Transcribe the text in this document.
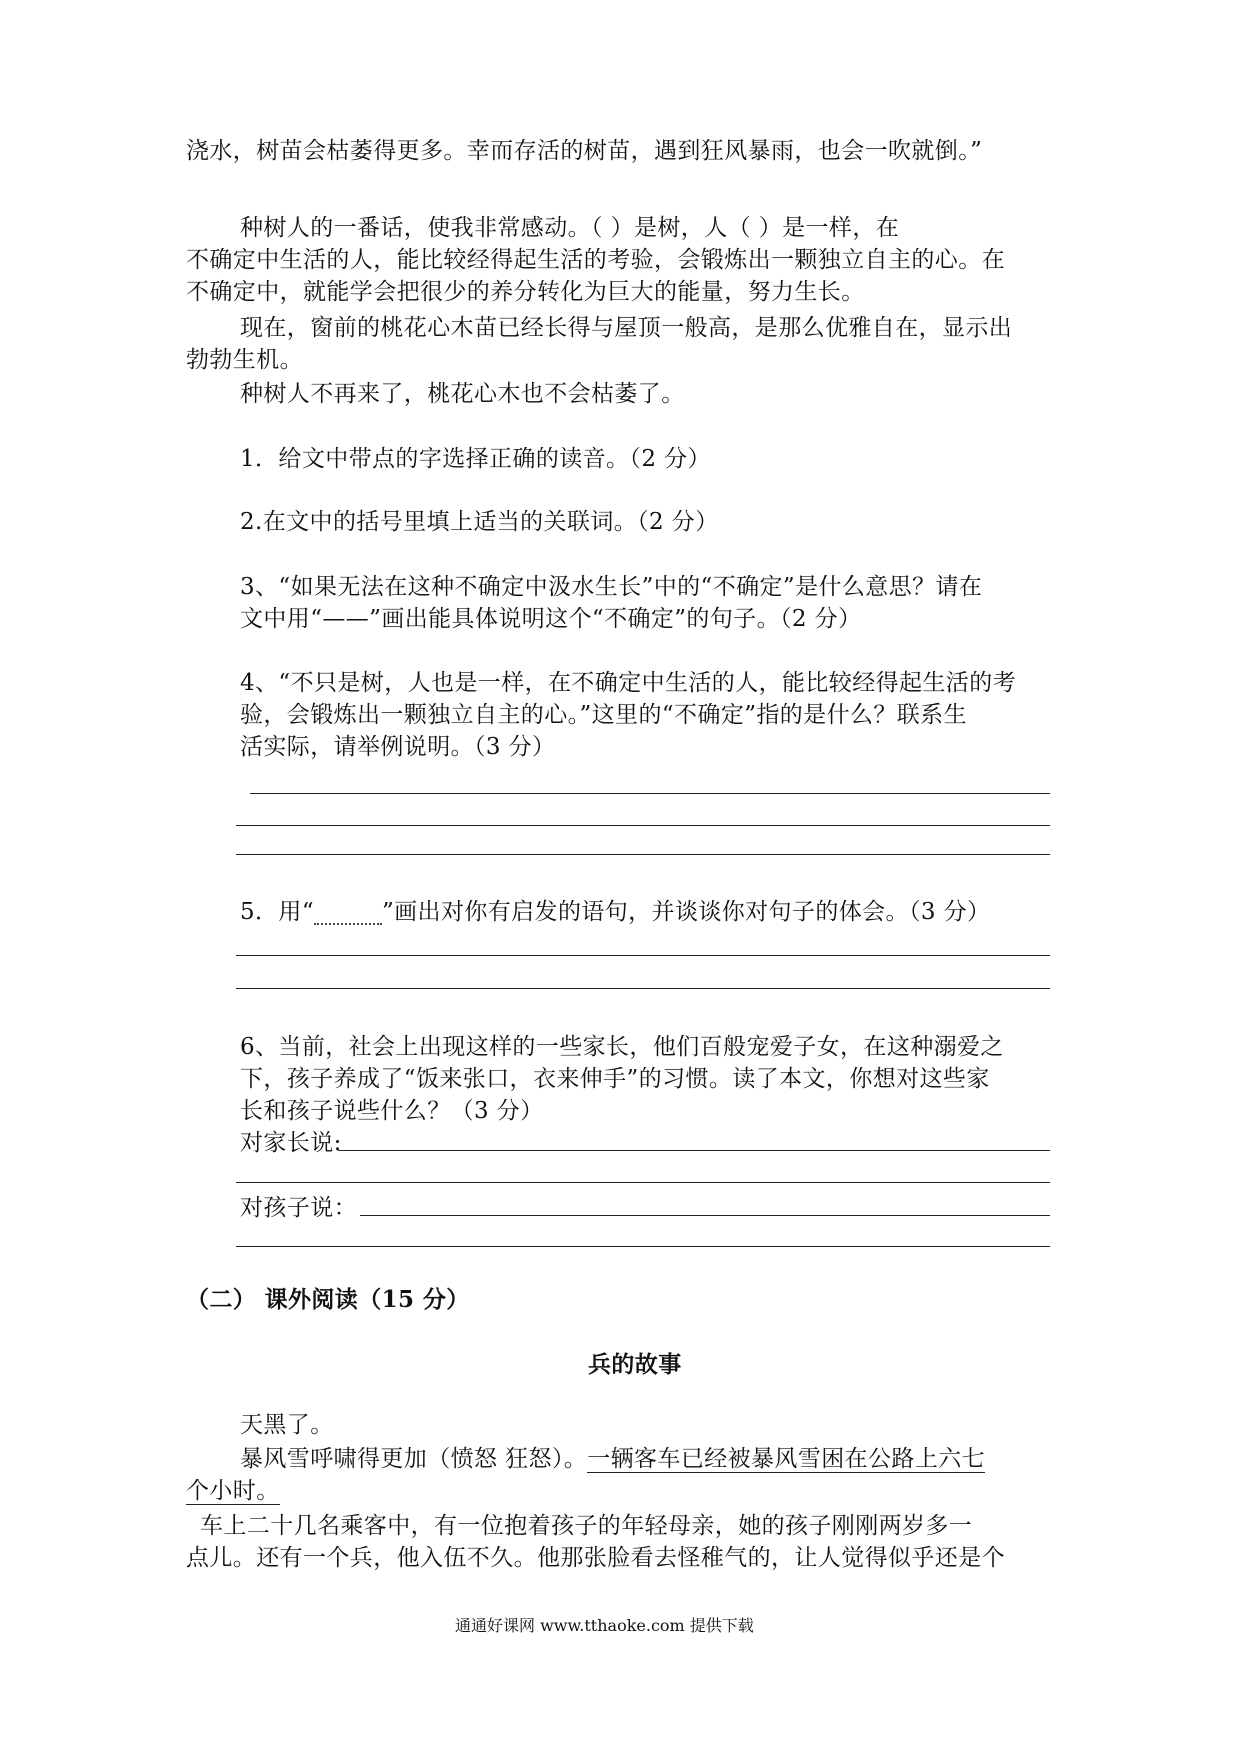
浇水，树苗会枯萎得更多。幸而存活的树苗，遇到狂风暴雨，也会一吹就倒。”
种树人的一番话，使我非常感动。（ ）是树，人（ ）是一样，在
不确定中生活的人，能比较经得起生活的考验，会锻炼出一颗独立自主的心。在
不确定中，就能学会把很少的养分转化为巨大的能量，努力生长。
现在，窗前的桃花心木苗已经长得与屋顶一般高，是那么优雅自在，显示出
勃勃生机。
种树人不再来了，桃花心木也不会枯萎了。
1．给文中带点的字选择正确的读音。（2 分）
2.在文中的括号里填上适当的关联词。（2 分）
3、“如果无法在这种不确定中汲水生长”中的“不确定”是什么意思？请在
文中用“——”画出能具体说明这个“不确定”的句子。（2 分）
4、“不只是树，人也是一样，在不确定中生活的人，能比较经得起生活的考
验，会锻炼出一颗独立自主的心。”这里的“不确定”指的是什么？联系生
活实际，请举例说明。（3 分）
5．用“	”画出对你有启发的语句，并谈谈你对句子的体会。（3 分）
6、当前，社会上出现这样的一些家长，他们百般宠爱子女，在这种溺爱之
下，孩子养成了“饭来张口，衣来伸手”的习惯。读了本文，你想对这些家
长和孩子说些什么？（3 分）
对家长说:
对孩子说：
（二） 课外阅读（15 分）
兵的故事
天黑了。
暴风雪呼啸得更加（愤怒 狂怒）。一辆客车已经被暴风雪困在公路上六七
个小时。
车上二十几名乘客中，有一位抱着孩子的年轻母亲，她的孩子刚刚两岁多一
点儿。还有一个兵，他入伍不久。他那张脸看去怪稚气的，让人觉得似乎还是个
通通好课网 www.tthaoke.com 提供下载
